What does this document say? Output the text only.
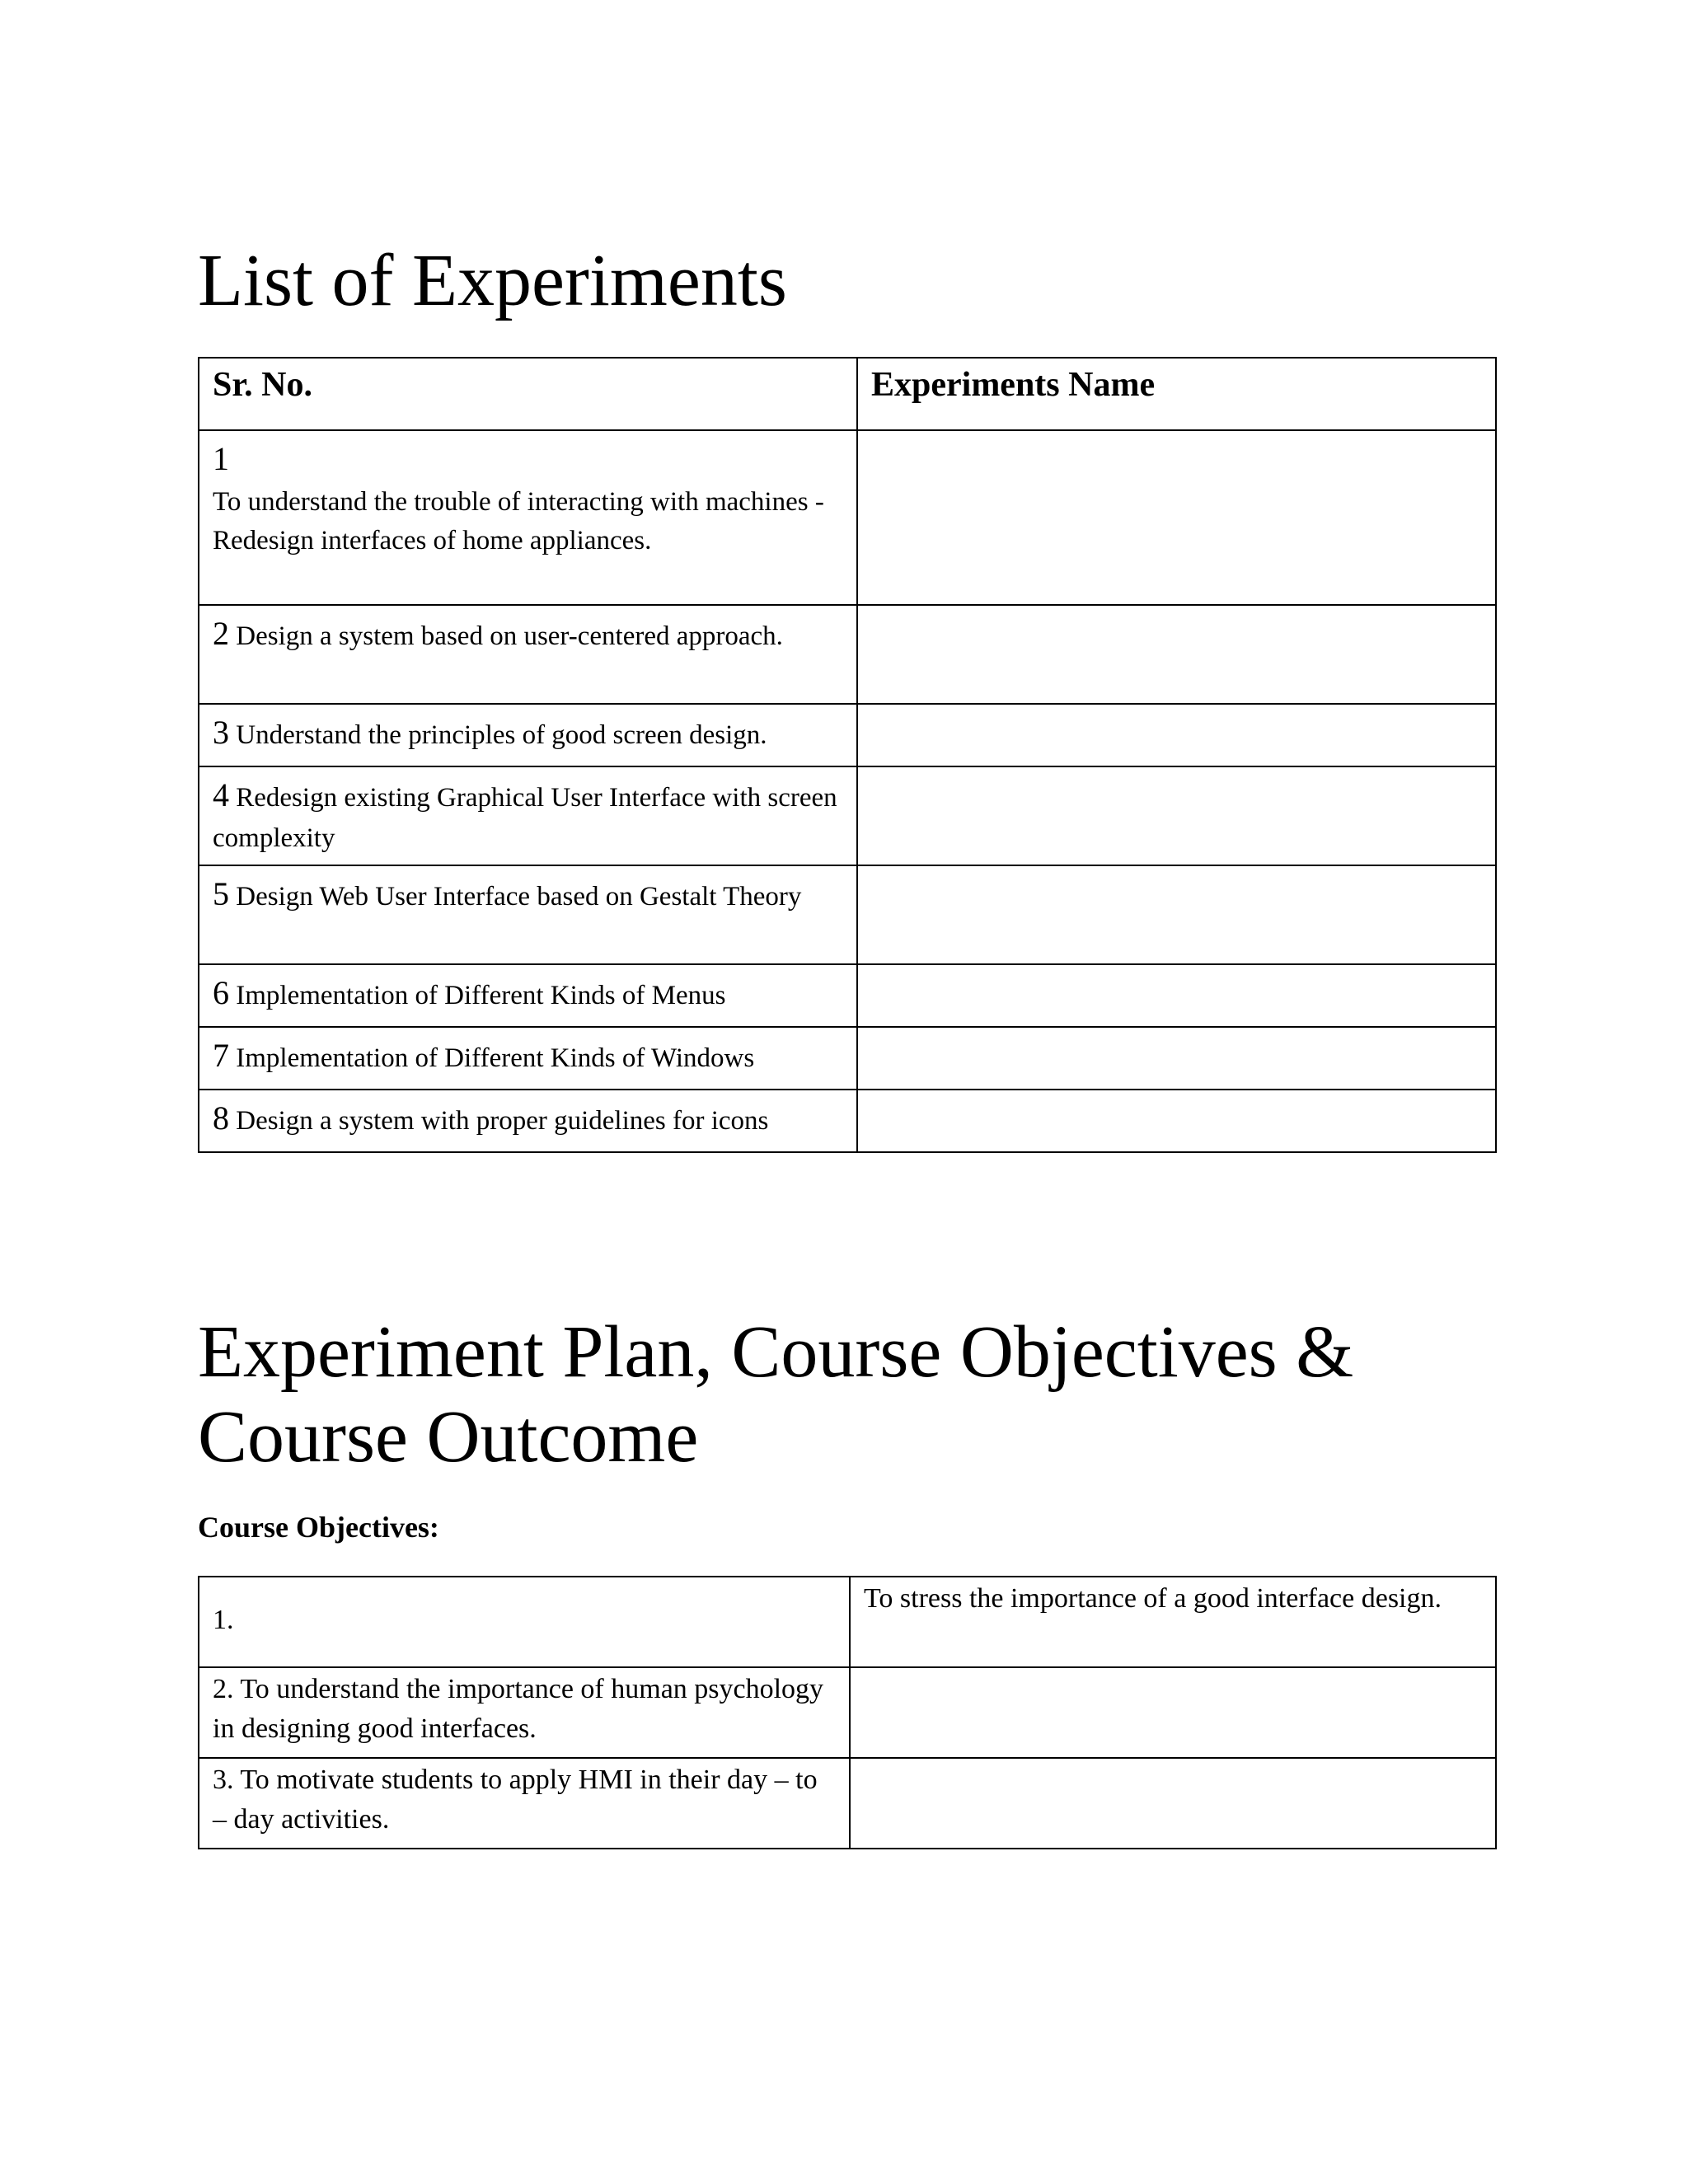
List of Experiments
Sr. No.	Experiments Name
1
To understand the trouble of interacting with machines - Redesign interfaces of home appliances.	
2 Design a system based on user-centered approach.	
3 Understand the principles of good screen design.	
4 Redesign existing Graphical User Interface with screen complexity	
5 Design Web User Interface based on Gestalt Theory	
6 Implementation of Different Kinds of Menus	
7 Implementation of Different Kinds of Windows	
8 Design a system with proper guidelines for icons	
Experiment Plan, Course Objectives & Course Outcome
Course Objectives:
1.	To stress the importance of a good interface design.
2. To understand the importance of human psychology in designing good interfaces.	
3. To motivate students to apply HMI in their day – to – day activities.	
